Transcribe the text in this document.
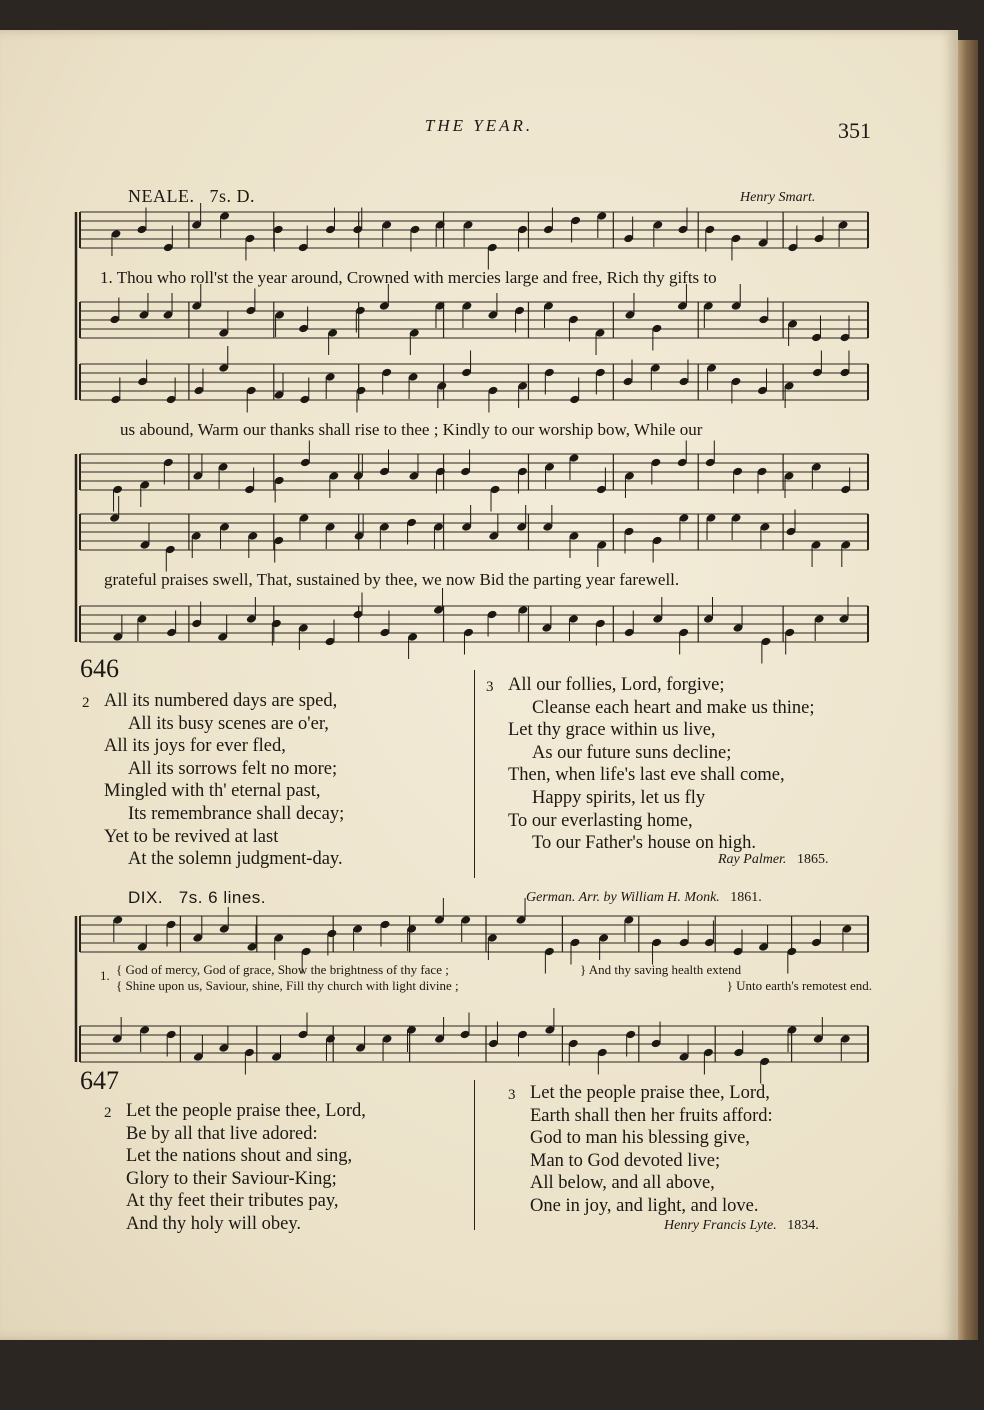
THE YEAR.	351
NEALE. 7s. D.	Henry Smart.
1. Thou who roll'st the year around, Crowned with mercies large and free, Rich thy gifts to
us abound, Warm our thanks shall rise to thee ; Kindly to our worship bow, While our
grateful praises swell, That, sustained by thee, we now Bid the parting year farewell.
646
2 All its numbered days are sped,
All its busy scenes are o'er,
All its joys for ever fled,
All its sorrows felt no more;
Mingled with th' eternal past,
Its remembrance shall decay;
Yet to be revived at last
At the solemn judgment-day.
3 All our follies, Lord, forgive;
Cleanse each heart and make us thine;
Let thy grace within us live,
As our future suns decline;
Then, when life's last eve shall come,
Happy spirits, let us fly
To our everlasting home,
To our Father's house on high.
Ray Palmer. 1865.
DIX. 7s. 6 lines.	German. Arr. by William H. Monk. 1861.
1. { God of mercy, God of grace, Show the brightness of thy face ;
{ Shine upon us, Saviour, shine, Fill thy church with light divine ;
} And thy saving health extend
} Unto earth's remotest end.
647
2 Let the people praise thee, Lord,
Be by all that live adored:
Let the nations shout and sing,
Glory to their Saviour-King;
At thy feet their tributes pay,
And thy holy will obey.
3 Let the people praise thee, Lord,
Earth shall then her fruits afford:
God to man his blessing give,
Man to God devoted live;
All below, and all above,
One in joy, and light, and love.
Henry Francis Lyte. 1834.
